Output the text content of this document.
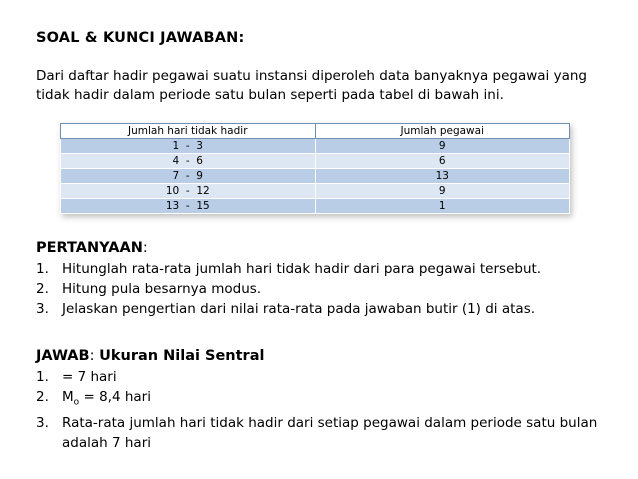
SOAL & KUNCI JAWABAN:
Dari daftar hadir pegawai suatu instansi diperoleh data banyaknya pegawai yang tidak hadir dalam periode satu bulan seperti pada tabel di bawah ini.
Jumlah hari tidak hadir	Jumlah pegawai
1  -  3	9
4  -  6	6
7  -  9	13
10  -  12	9
13  -  15	1
PERTANYAAN:
1. Hitunglah rata-rata jumlah hari tidak hadir dari para pegawai tersebut.
2. Hitung pula besarnya modus.
3. Jelaskan pengertian dari nilai rata-rata pada jawaban butir (1) di atas.
JAWAB: Ukuran Nilai Sentral
1. = 7 hari
2. $M_o = 8,4$ hari
3. Rata-rata jumlah hari tidak hadir dari setiap pegawai dalam periode satu bulan adalah 7 hari
